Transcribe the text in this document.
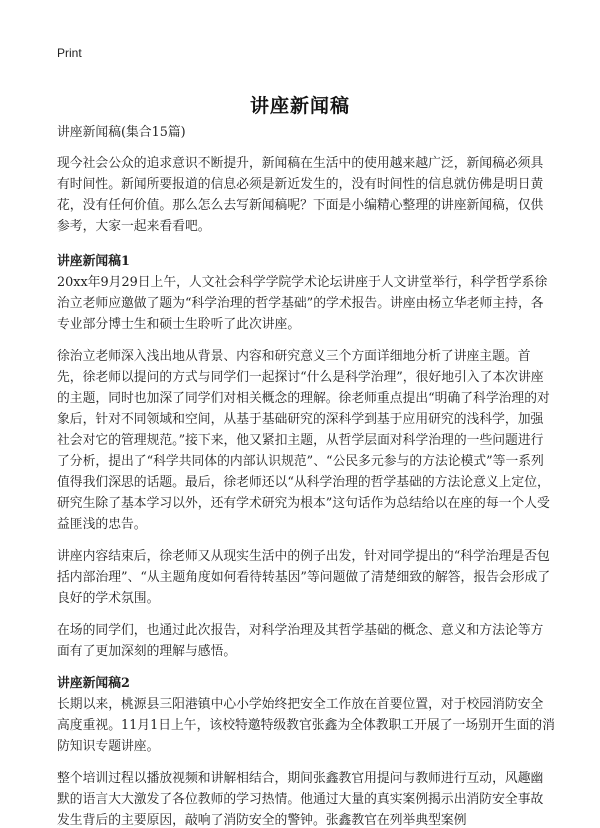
Print
讲座新闻稿

讲座新闻稿(集合15篇)

现今社会公众的追求意识不断提升，新闻稿在生活中的使用越来越广泛，新闻稿必须具有时间性。新闻所要报道的信息必须是新近发生的，没有时间性的信息就仿佛是明日黄花，没有任何价值。那么怎么去写新闻稿呢？下面是小编精心整理的讲座新闻稿，仅供参考，大家一起来看看吧。

讲座新闻稿1

20xx年9月29日上午，人文社会科学学院学术论坛讲座于人文讲堂举行，科学哲学系徐治立老师应邀做了题为“科学治理的哲学基础”的学术报告。讲座由杨立华老师主持，各专业部分博士生和硕士生聆听了此次讲座。

徐治立老师深入浅出地从背景、内容和研究意义三个方面详细地分析了讲座主题。首先，徐老师以提问的方式与同学们一起探讨“什么是科学治理”，很好地引入了本次讲座的主题，同时也加深了同学们对相关概念的理解。徐老师重点提出“明确了科学治理的对象后，针对不同领域和空间，从基于基础研究的深科学到基于应用研究的浅科学，加强社会对它的管理规范。”接下来，他又紧扣主题，从哲学层面对科学治理的一些问题进行了分析，提出了“科学共同体的内部认识规范”、“公民多元参与的方法论模式”等一系列值得我们深思的话题。最后，徐老师还以“从科学治理的哲学基础的方法论意义上定位，研究生除了基本学习以外，还有学术研究为根本”这句话作为总结给以在座的每一个人受益匪浅的忠告。

讲座内容结束后，徐老师又从现实生活中的例子出发，针对同学提出的“科学治理是否包括内部治理”、“从主题角度如何看待转基因”等问题做了清楚细致的解答，报告会形成了良好的学术氛围。

在场的同学们，也通过此次报告，对科学治理及其哲学基础的概念、意义和方法论等方面有了更加深刻的理解与感悟。

讲座新闻稿2

长期以来，桃源县三阳港镇中心小学始终把安全工作放在首要位置，对于校园消防安全高度重视。11月1日上午，该校特邀特级教官张鑫为全体教职工开展了一场别开生面的消防知识专题讲座。

整个培训过程以播放视频和讲解相结合，期间张鑫教官用提问与教师进行互动，风趣幽默的语言大大激发了各位教师的学习热情。他通过大量的真实案例揭示出消防安全事故发生背后的主要原因，敲响了消防安全的警钟。张鑫教官在列举典型案例
